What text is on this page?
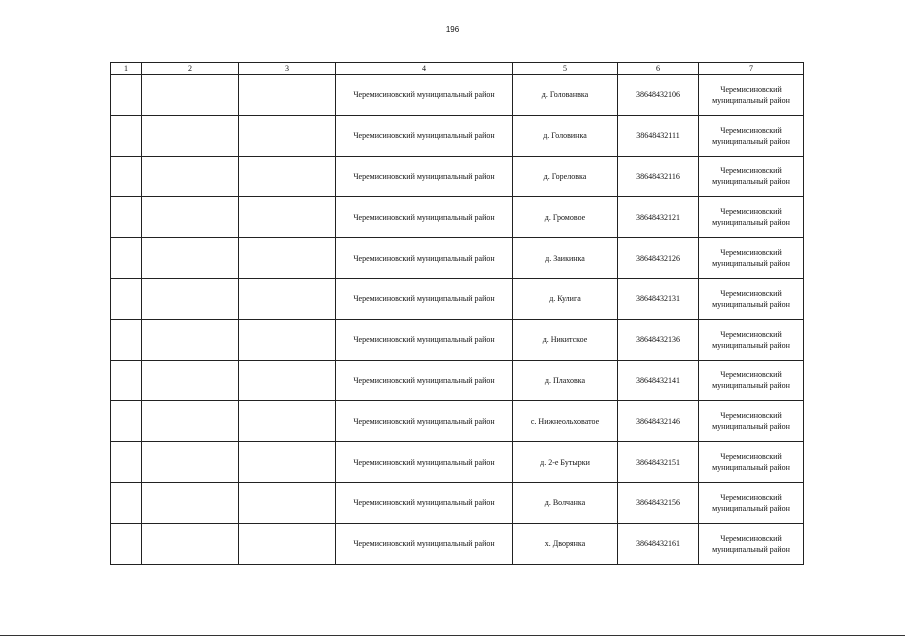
196
1	2	3	4	5	6	7
			Черемисиновский муниципальный район	д. Голованвка	38648432106	Черемисиновский
муниципальный район

			Черемисиновский муниципальный район	д. Головинка	38648432111	Черемисиновский
муниципальный район

			Черемисиновский муниципальный район	д. Гореловка	38648432116	Черемисиновский
муниципальный район

			Черемисиновский муниципальный район	д. Громовое	38648432121	Черемисиновский
муниципальный район

			Черемисиновский муниципальный район	д. Заикинка	38648432126	Черемисиновский
муниципальный район

			Черемисиновский муниципальный район	д. Кулига	38648432131	Черемисиновский
муниципальный район

			Черемисиновский муниципальный район	д. Никитское	38648432136	Черемисиновский
муниципальный район

			Черемисиновский муниципальный район	д. Плаховка	38648432141	Черемисиновский
муниципальный район

			Черемисиновский муниципальный район	с. Нижнеольховатое	38648432146	Черемисиновский
муниципальный район

			Черемисиновский муниципальный район	д. 2-е Бутырки	38648432151	Черемисиновский
муниципальный район

			Черемисиновский муниципальный район	д. Волчанка	38648432156	Черемисиновский
муниципальный район

			Черемисиновский муниципальный район	х. Дворянка	38648432161	Черемисиновский
муниципальный район
